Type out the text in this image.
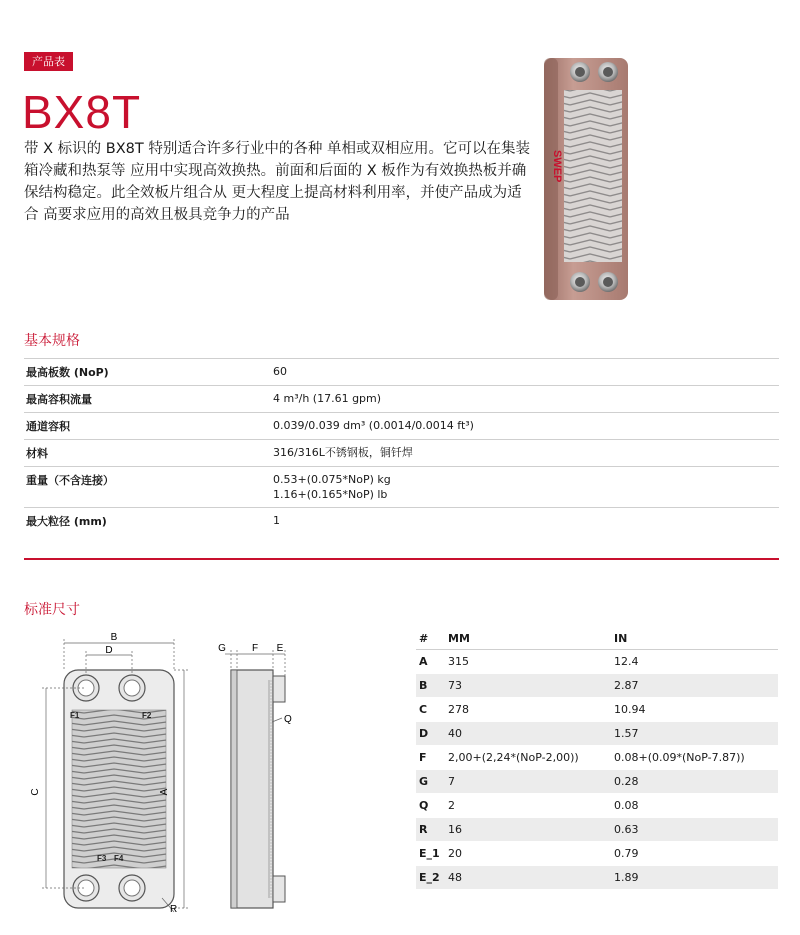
产品表
BX8T

带 X 标识的 BX8T 特别适合许多行业中的各种 单相或双相应用。它可以在集装箱冷藏和热泵等 应用中实现高效换热。前面和后面的 X 板作为有效换热板并确保结构稳定。此全效板片组合从 更大程度上提高材料利用率，并使产品成为适合 高要求应用的高效且极具竞争力的产品

SWEP
基本规格
最高板数 (NoP)	60
最高容积流量	4 m³/h (17.61 gpm)
通道容积	0.039/0.039 dm³ (0.0014/0.0014 ft³)
材料	316/316L不锈钢板，铜钎焊
重量（不含连接）	0.53+(0.075*NoP) kg
1.16+(0.165*NoP) lb
最大粒径 (mm)	1
标准尺寸
F1	F2
F3 F4
B
D
C	A
R
G	F E
Q
#	MM	IN
A	315	12.4
B	73	2.87
C	278	10.94
D	40	1.57
F	2,00+(2,24*(NoP-2,00))	0.08+(0.09*(NoP-7.87))
G	7	0.28
Q	2	0.08
R	16	0.63
E_1 20	0.79
E_2 48	1.89
